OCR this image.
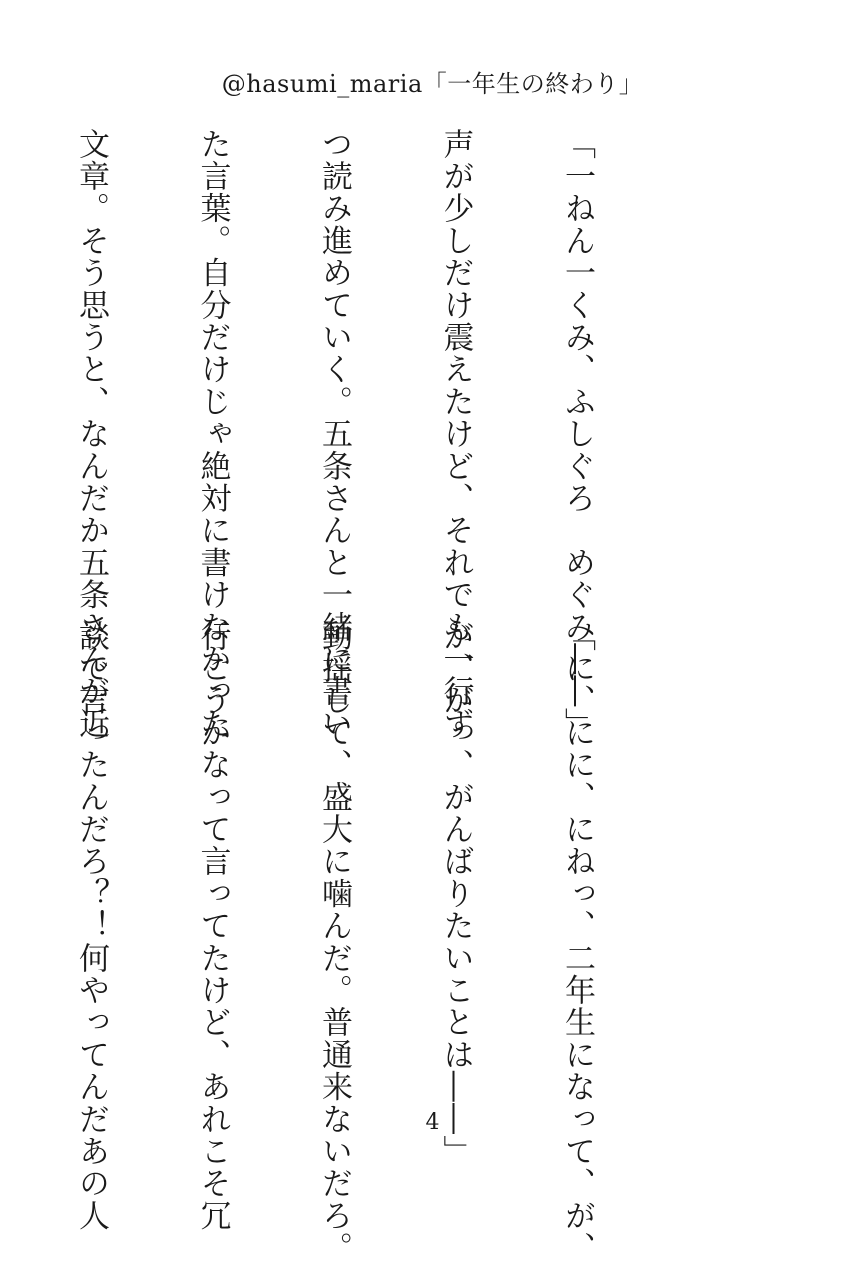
@hasumi_maria「一年生の終わり」

「一ねん一くみ、ふしぐろ　めぐみ――」

声が少しだけ震えたけど、それでも一行ず

つ読み進めていく。五条さんと一緒に書い

た言葉。自分だけじゃ絶対に書けなかった

文章。そう思うと、なんだか五条さんが近

「に、にに、にねっ、二年生になって、が、

が、がっ、がんばりたいことは――」

動揺して、盛大に噛んだ。普通来ないだろ。

行こうかなって言ってたけど、あれこそ冗

談で言ったんだろ？！何やってんだあの人

	4
